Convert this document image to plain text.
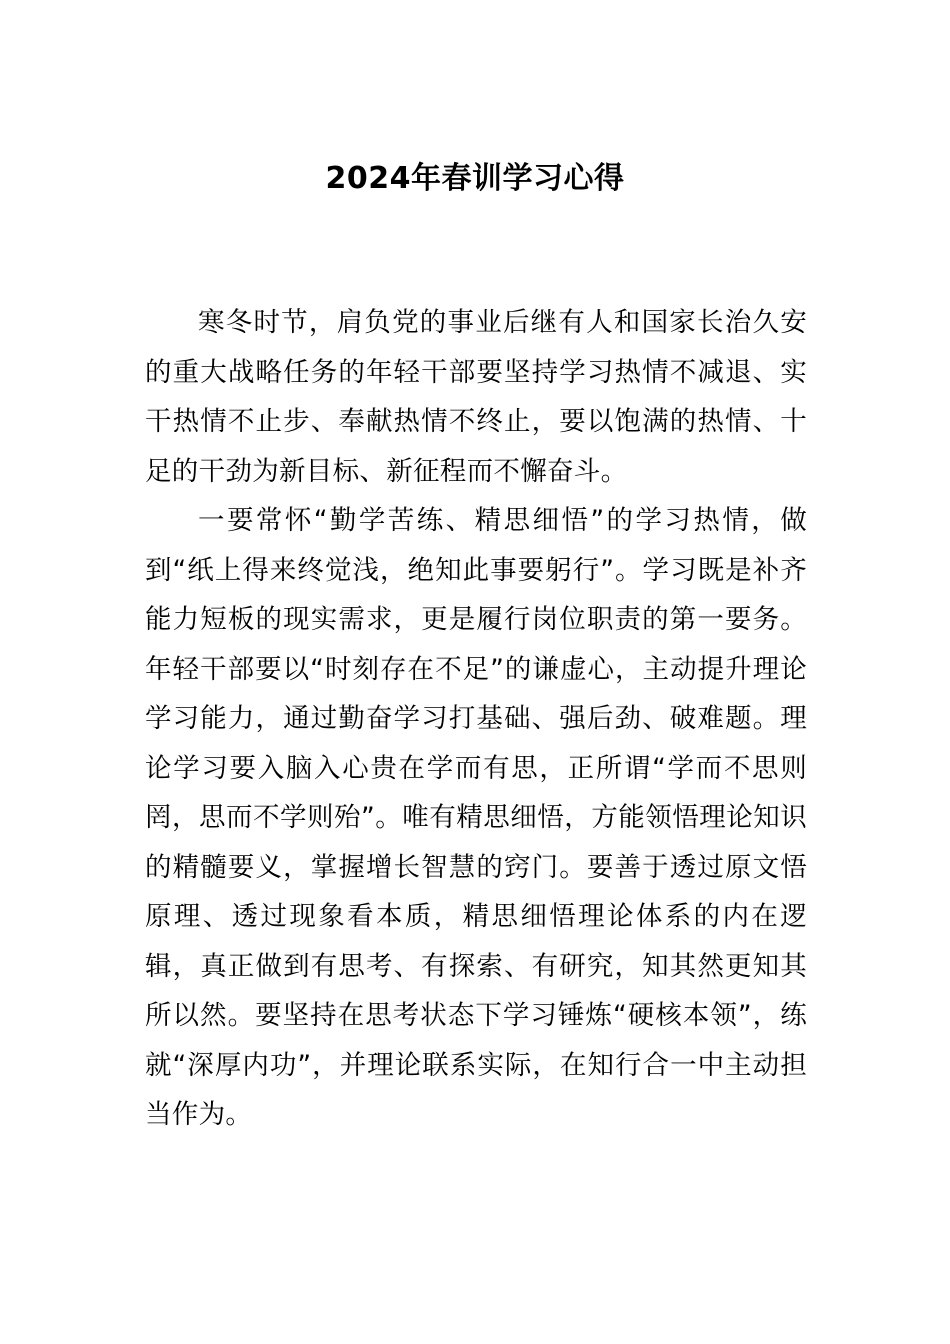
2024年春训学习心得

寒冬时节，肩负党的事业后继有人和国家长治久安的重大战略任务的年轻干部要坚持学习热情不减退、实干热情不止步、奉献热情不终止，要以饱满的热情、十足的干劲为新目标、新征程而不懈奋斗。

一要常怀“勤学苦练、精思细悟”的学习热情，做到“纸上得来终觉浅，绝知此事要躬行”。学习既是补齐能力短板的现实需求，更是履行岗位职责的第一要务。年轻干部要以“时刻存在不足”的谦虚心，主动提升理论学习能力，通过勤奋学习打基础、强后劲、破难题。理论学习要入脑入心贵在学而有思，正所谓“学而不思则罔，思而不学则殆”。唯有精思细悟，方能领悟理论知识的精髓要义，掌握增长智慧的窍门。要善于透过原文悟原理、透过现象看本质，精思细悟理论体系的内在逻辑，真正做到有思考、有探索、有研究，知其然更知其所以然。要坚持在思考状态下学习锤炼“硬核本领”，练就“深厚内功”，并理论联系实际，在知行合一中主动担当作为。
